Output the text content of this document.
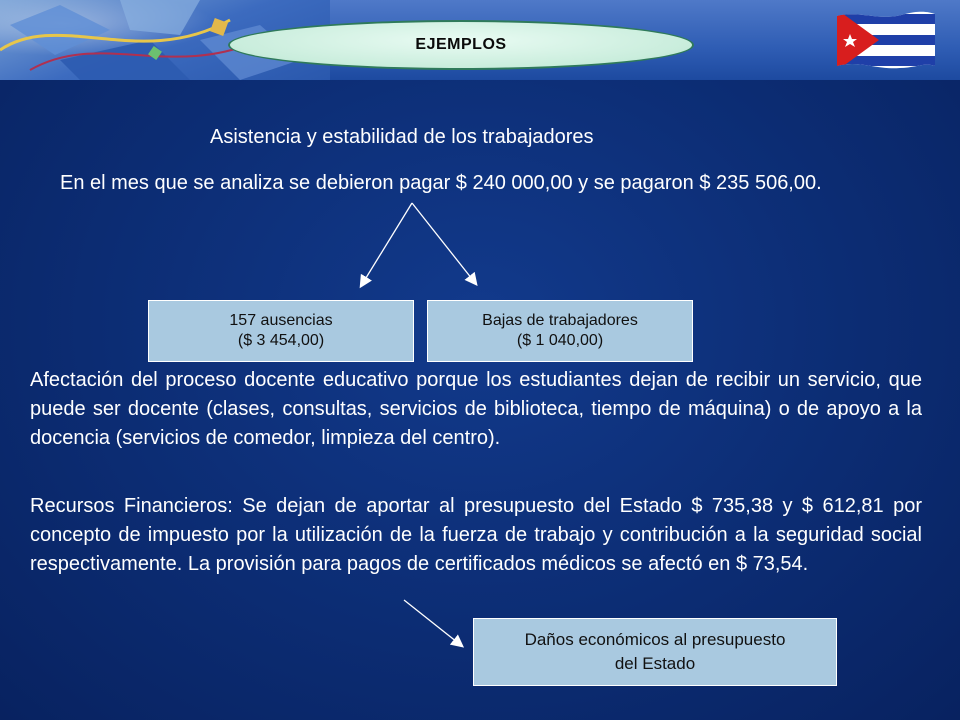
EJEMPLOS
Asistencia y estabilidad de los trabajadores
En el mes que se analiza se debieron pagar $ 240 000,00 y se pagaron $ 235 506,00.
157 ausencias
($ 3 454,00)
Bajas de trabajadores
($ 1 040,00)
Afectación del proceso docente educativo porque los estudiantes dejan de recibir un servicio, que puede ser docente (clases, consultas, servicios de biblioteca, tiempo de máquina) o de apoyo a la docencia (servicios de comedor, limpieza del centro).
Recursos Financieros: Se dejan de aportar al presupuesto del Estado $ 735,38 y $ 612,81 por concepto de impuesto por la utilización de la fuerza de trabajo y contribución a la seguridad social respectivamente. La provisión para pagos de certificados médicos se afectó en $ 73,54.
Daños económicos al presupuesto
del Estado
